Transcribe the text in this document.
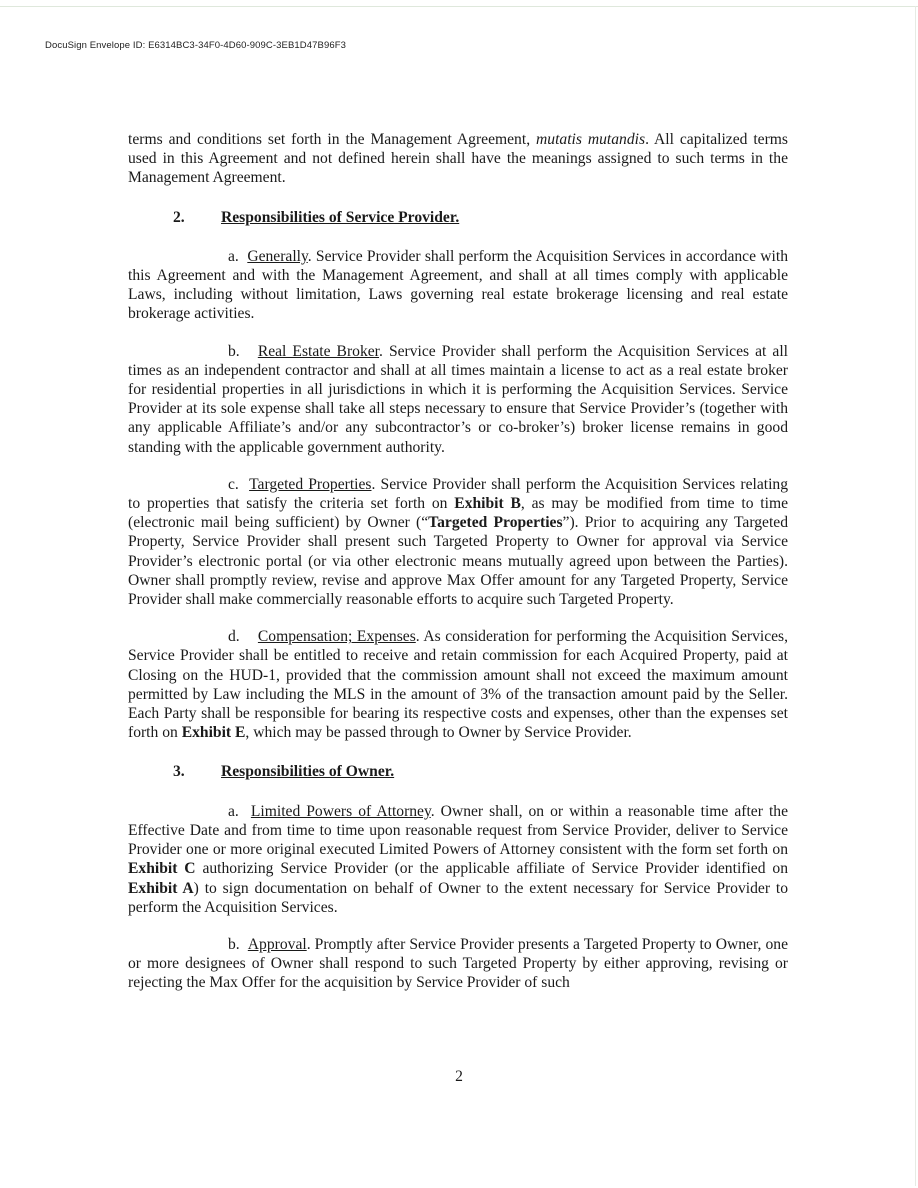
DocuSign Envelope ID: E6314BC3-34F0-4D60-909C-3EB1D47B96F3

terms and conditions set forth in the Management Agreement, mutatis mutandis. All capitalized terms used in this Agreement and not defined herein shall have the meanings assigned to such terms in the Management Agreement.

2. Responsibilities of Service Provider.

a. Generally. Service Provider shall perform the Acquisition Services in accordance with this Agreement and with the Management Agreement, and shall at all times comply with applicable Laws, including without limitation, Laws governing real estate brokerage licensing and real estate brokerage activities.

b. Real Estate Broker. Service Provider shall perform the Acquisition Services at all times as an independent contractor and shall at all times maintain a license to act as a real estate broker for residential properties in all jurisdictions in which it is performing the Acquisition Services. Service Provider at its sole expense shall take all steps necessary to ensure that Service Provider’s (together with any applicable Affiliate’s and/or any subcontractor’s or co-broker’s) broker license remains in good standing with the applicable government authority.

c. Targeted Properties. Service Provider shall perform the Acquisition Services relating to properties that satisfy the criteria set forth on Exhibit B, as may be modified from time to time (electronic mail being sufficient) by Owner (“Targeted Properties”). Prior to acquiring any Targeted Property, Service Provider shall present such Targeted Property to Owner for approval via Service Provider’s electronic portal (or via other electronic means mutually agreed upon between the Parties). Owner shall promptly review, revise and approve Max Offer amount for any Targeted Property, Service Provider shall make commercially reasonable efforts to acquire such Targeted Property.

d. Compensation; Expenses. As consideration for performing the Acquisition Services, Service Provider shall be entitled to receive and retain commission for each Acquired Property, paid at Closing on the HUD-1, provided that the commission amount shall not exceed the maximum amount permitted by Law including the MLS in the amount of 3% of the transaction amount paid by the Seller. Each Party shall be responsible for bearing its respective costs and expenses, other than the expenses set forth on Exhibit E, which may be passed through to Owner by Service Provider.

3. Responsibilities of Owner.

a. Limited Powers of Attorney. Owner shall, on or within a reasonable time after the Effective Date and from time to time upon reasonable request from Service Provider, deliver to Service Provider one or more original executed Limited Powers of Attorney consistent with the form set forth on Exhibit C authorizing Service Provider (or the applicable affiliate of Service Provider identified on Exhibit A) to sign documentation on behalf of Owner to the extent necessary for Service Provider to perform the Acquisition Services.

b. Approval. Promptly after Service Provider presents a Targeted Property to Owner, one or more designees of Owner shall respond to such Targeted Property by either approving, revising or rejecting the Max Offer for the acquisition by Service Provider of such

2
